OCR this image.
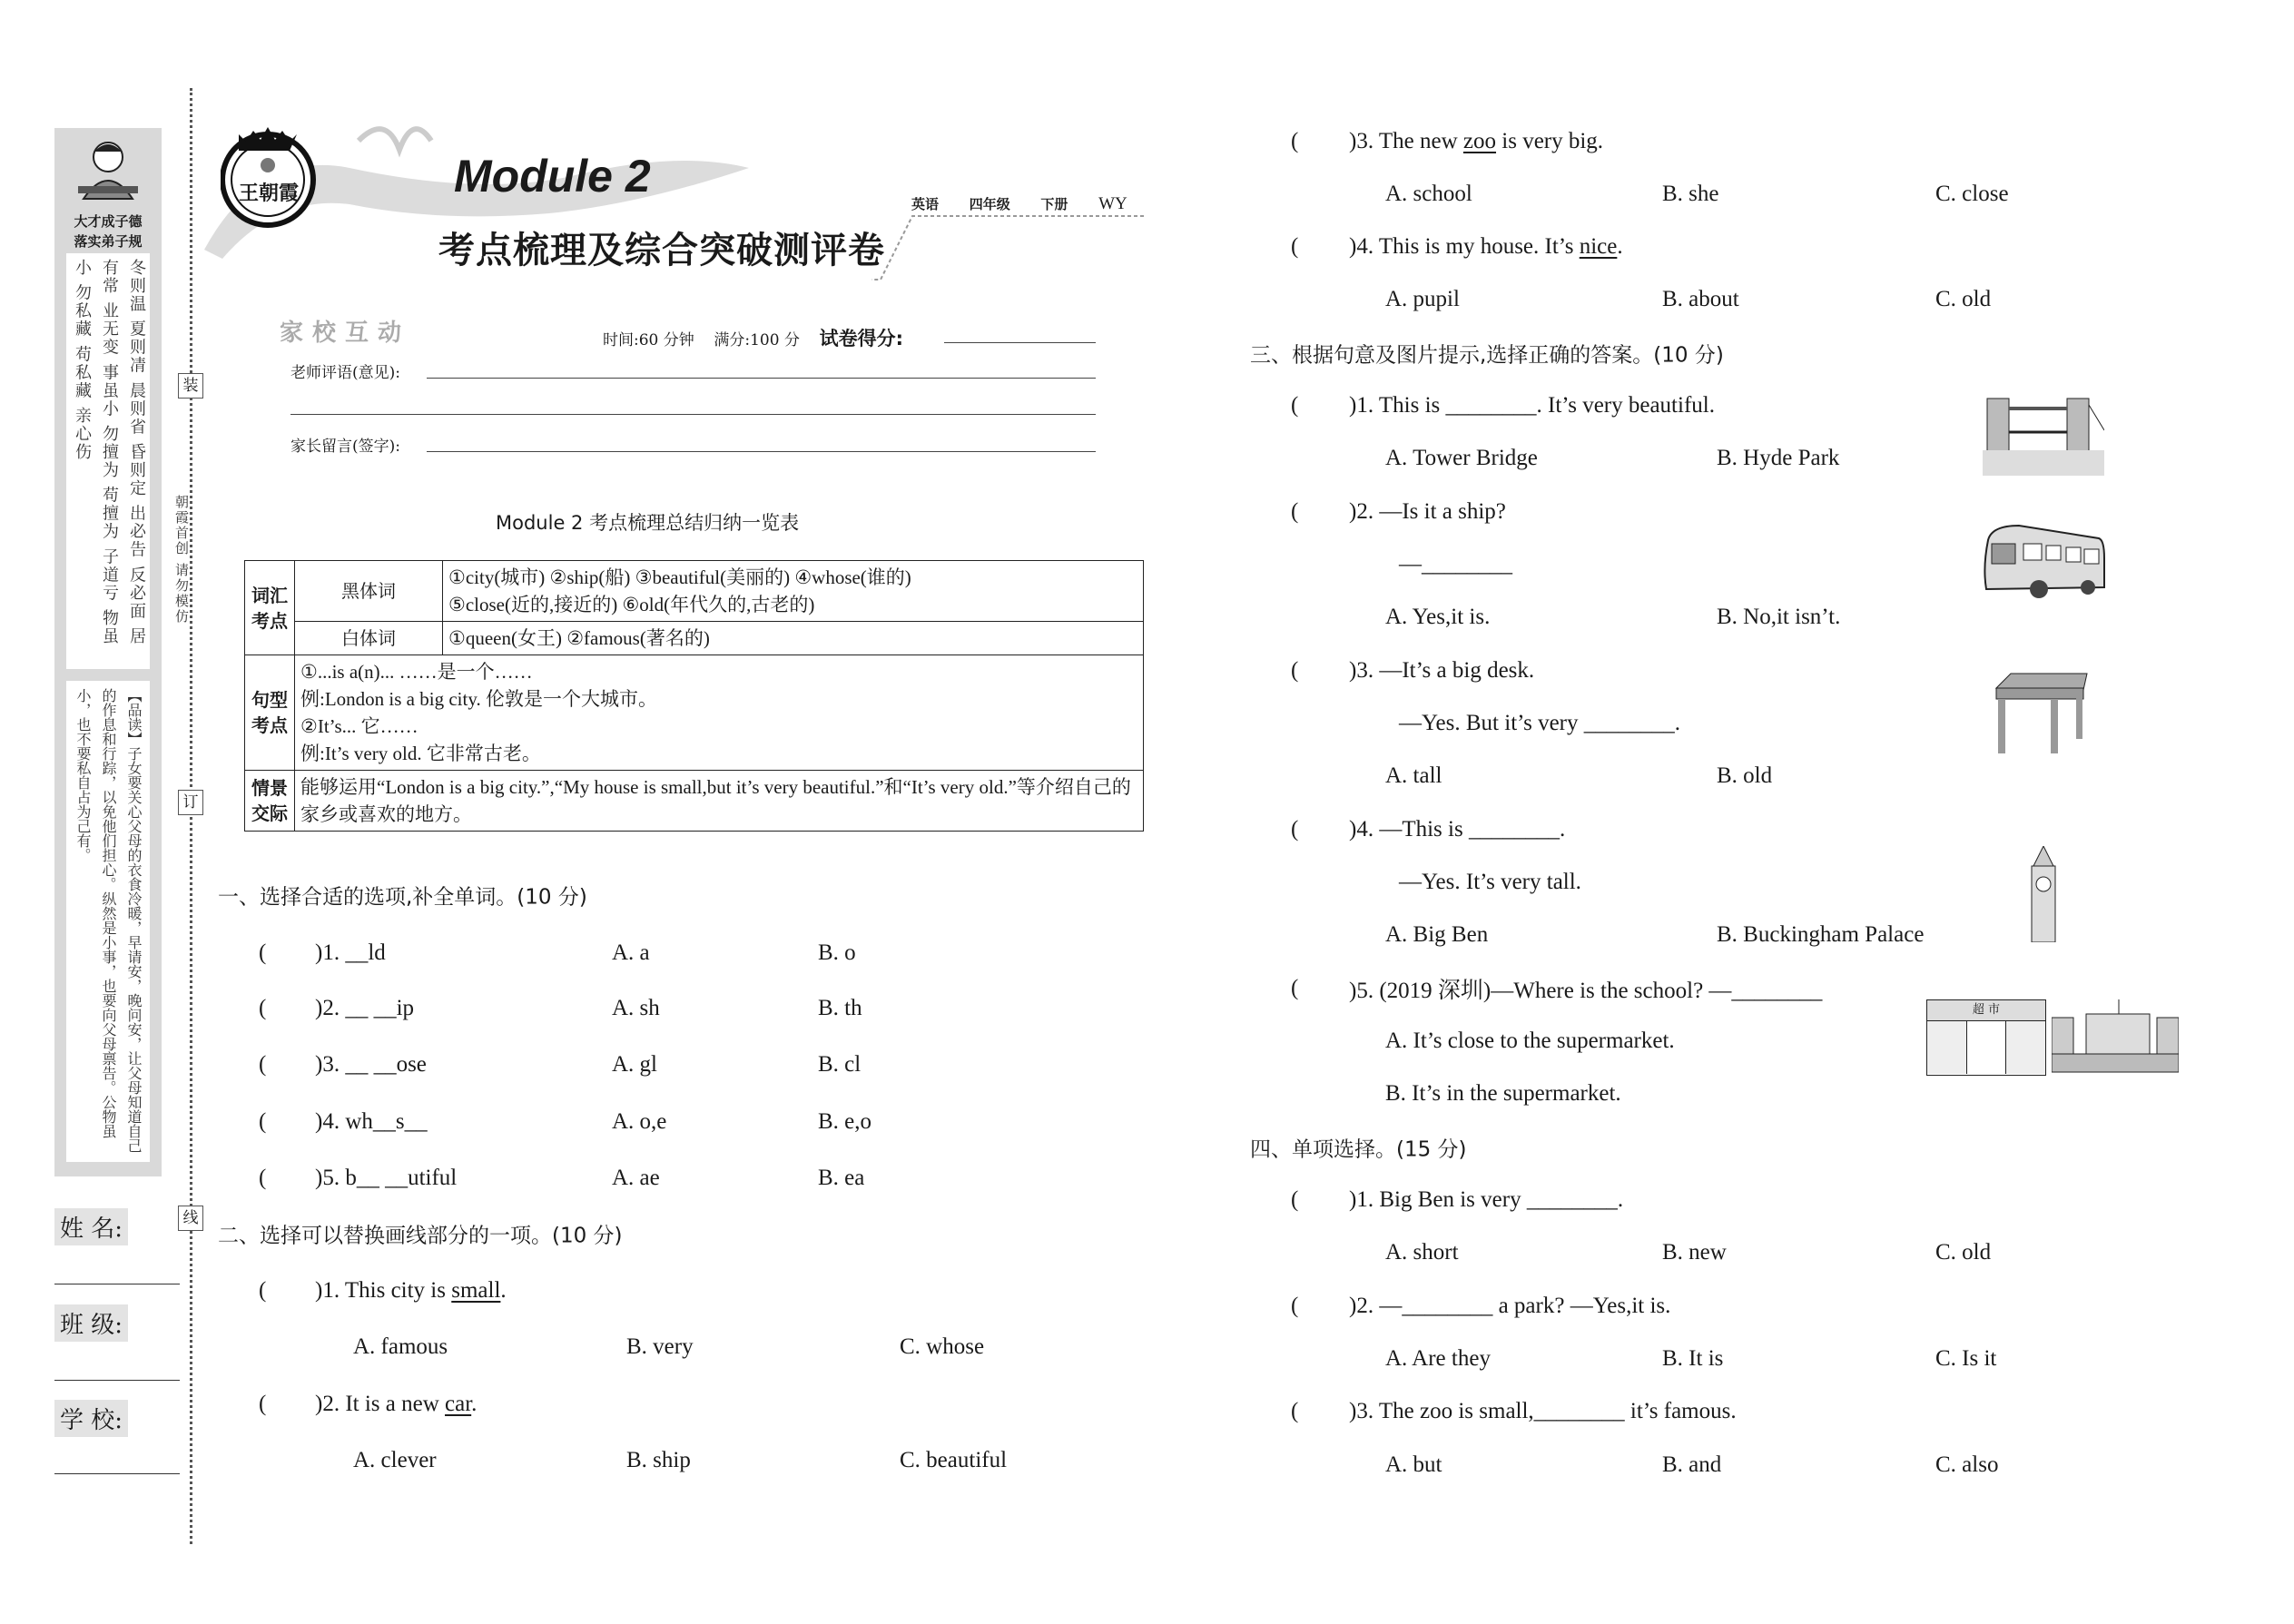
大才成子德
落实弟子规
冬则温 夏则凊 晨则省 昏则定 出必告 反必面 居有常 业无变 事虽小 勿擅为 苟擅为 子道亏 物虽小 勿私藏 苟私藏 亲心伤
【品读】子女要关心父母的衣食冷暖，早请安，晚问安，让父母知道自己的作息和行踪，以免他们担心。纵然是小事，也要向父母禀告。公物虽小，也不要私自占为己有。
姓 名:
班 级:
学 校:
装
订
线
朝霞首创 请勿模仿
王朝霞	Module 2
考点梳理及综合突破测评卷
英语 四年级 下册 WY
家校互动	时间:60 分钟 满分:100 分 试卷得分:
老师评语(意见):
家长留言(签字):
Module 2 考点梳理总结归纳一览表
词汇考点	黑体词	①city(城市) ②ship(船) ③beautiful(美丽的) ④whose(谁的)
⑤close(近的,接近的) ⑥old(年代久的,古老的)

	白体词	①queen(女王) ②famous(著名的)
句型考点	①...is a(n)... ……是一个……
例:London is a big city. 伦敦是一个大城市。
②It’s... 它……
例:It’s very old. 它非常古老。	

情景交际	能够运用“London is a big city.”,“My house is small,but it’s very beautiful.”和“It’s very old.”等介绍自己的家乡或喜欢的地方。	
超 市
一、选择合适的选项,补全单词。(10 分)
( )1. __ld	A. a	B. o
( )2. __ __ip	A. sh	B. th
( )3. __ __ose	A. gl	B. cl
( )4. wh__s__	A. o,e	B. e,o
( )5. b__ __utiful	A. ae	B. ea
二、选择可以替换画线部分的一项。(10 分)
( )1. This city is small.
A. famous	B. very	C. whose
( )2. It is a new car.
A. clever	B. ship	C. beautiful
( )3. The new zoo is very big.
A. school	B. she	C. close
( )4. This is my house. It’s nice.
A. pupil	B. about	C. old
三、根据句意及图片提示,选择正确的答案。(10 分)
( )1. This is ________. It’s very beautiful.
A. Tower Bridge	B. Hyde Park
( )2. —Is it a ship?
—________
A. Yes,it is.	B. No,it isn’t.
( )3. —It’s a big desk.
—Yes. But it’s very ________.
A. tall	B. old
( )4. —This is ________.
—Yes. It’s very tall.
A. Big Ben	B. Buckingham Palace
( )5. (2019 深圳)—Where is the school? —________
A. It’s close to the supermarket.
B. It’s in the supermarket.
四、单项选择。(15 分)
( )1. Big Ben is very ________.
A. short	B. new	C. old
( )2. —________ a park? —Yes,it is.
A. Are they	B. It is	C. Is it
( )3. The zoo is small,________ it’s famous.
A. but	B. and	C. also
